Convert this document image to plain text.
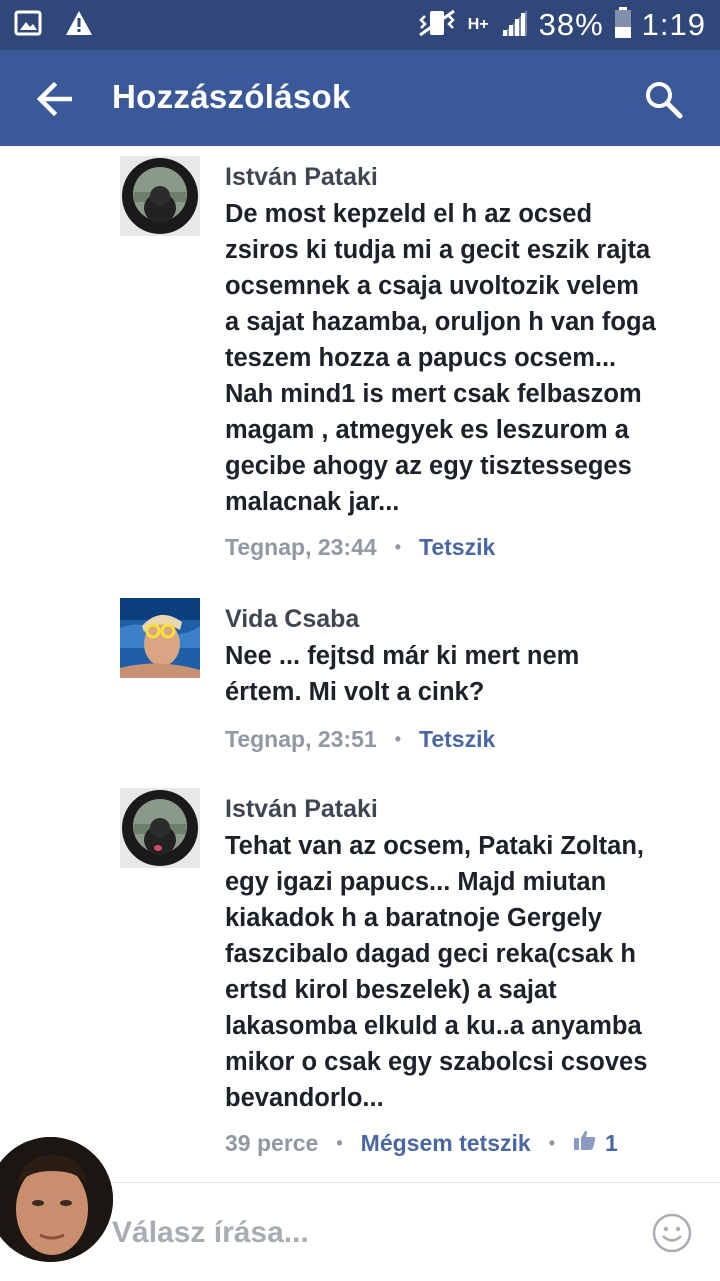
H+ 38% 1:19
Hozzászólások
István Pataki
De most kepzeld el h az ocsed
zsiros ki tudja mi a gecit eszik rajta
ocsemnek a csaja uvoltozik velem
a sajat hazamba, oruljon h van foga
teszem hozza a papucs ocsem...
Nah mind1 is mert csak felbaszom
magam , atmegyek es leszurom a
gecibe ahogy az egy tisztesseges
malacnak jar...
Tegnap, 23:44 • Tetszik
Vida Csaba
Nee ... fejtsd már ki mert nem
értem. Mi volt a cink?
Tegnap, 23:51 • Tetszik
István Pataki
Tehat van az ocsem, Pataki Zoltan,
egy igazi papucs... Majd miutan
kiakadok h a baratnoje Gergely
faszcibalo dagad geci reka(csak h
ertsd kirol beszelek) a sajat
lakasomba elkuld a ku..a anyamba
mikor o csak egy szabolcsi csoves
bevandorlo...
39 perce • Mégsem tetszik • 1
Válasz írása...
